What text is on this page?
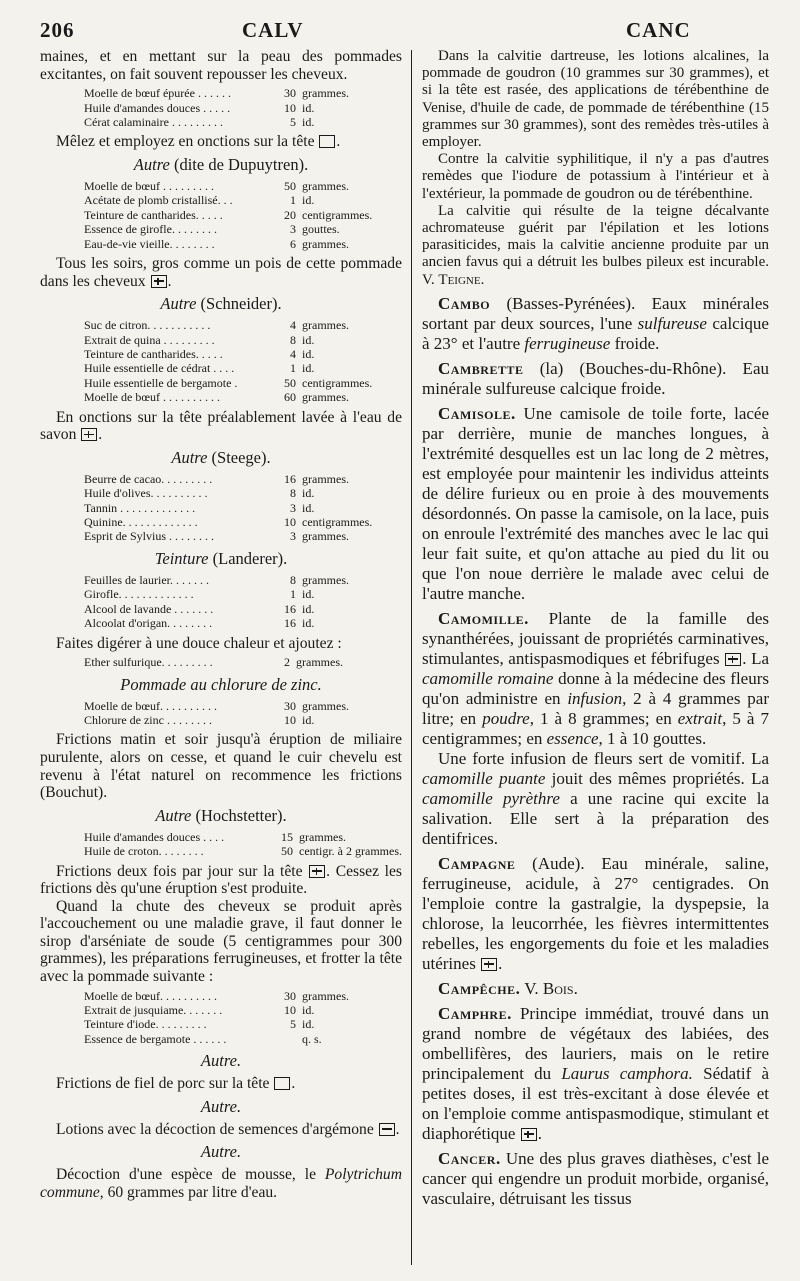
206	CALV	CANC

maines, et en mettant sur la peau des pommades excitantes, on fait souvent repousser les cheveux.

Moelle de bœuf épurée . . . . . .	30	grammes.
Huile d'amandes douces . . . . .	10	id.
Cérat calaminaire . . . . . . . . .	5	id.

Mêlez et employez en onctions sur la tête .

Autre (dite de Dupuytren).
Moelle de bœuf . . . . . . . . .	50	grammes.
Acétate de plomb cristallisé. . .	1	id.
Teinture de cantharides. . . . .	20	centigrammes.
Essence de girofle. . . . . . . .	3	gouttes.
Eau-de-vie vieille. . . . . . . .	6	grammes.

Tous les soirs, gros comme un pois de cette pommade dans les cheveux .

Autre (Schneider).
Suc de citron. . . . . . . . . . .	4	grammes.
Extrait de quina . . . . . . . . .	8	id.
Teinture de cantharides. . . . .	4	id.
Huile essentielle de cédrat . . . .	1	id.
Huile essentielle de bergamote .	50	centigrammes.
Moelle de bœuf . . . . . . . . . .	60	grammes.

En onctions sur la tête préalablement lavée à l'eau de savon .

Autre (Steege).
Beurre de cacao. . . . . . . . .	16	grammes.
Huile d'olives. . . . . . . . . .	8	id.
Tannin . . . . . . . . . . . . .	3	id.
Quinine. . . . . . . . . . . . .	10	centigrammes.
Esprit de Sylvius . . . . . . . .	3	grammes.
Teinture (Landerer).
Feuilles de laurier. . . . . . .	8	grammes.
Girofle. . . . . . . . . . . . .	1	id.
Alcool de lavande . . . . . . .	16	id.
Alcoolat d'origan. . . . . . . .	16	id.

Faites digérer à une douce chaleur et ajoutez :

Ether sulfurique. . . . . . . . .	2	grammes.
Pommade au chlorure de zinc.
Moelle de bœuf. . . . . . . . . .	30	grammes.
Chlorure de zinc . . . . . . . .	10	id.

Frictions matin et soir jusqu'à éruption de miliaire purulente, alors on cesse, et quand le cuir chevelu est revenu à l'état naturel on recommence les frictions (Bouchut).

Autre (Hochstetter).
Huile d'amandes douces . . . .	15	grammes.
Huile de croton. . . . . . . .	50	centigr. à 2 grammes.

Frictions deux fois par jour sur la tête . Cessez les frictions dès qu'une éruption s'est produite.

Quand la chute des cheveux se produit après l'accouchement ou une maladie grave, il faut donner le sirop d'arséniate de soude (5 centigrammes pour 300 grammes), les préparations ferrugineuses, et frotter la tête avec la pommade suivante :

Moelle de bœuf. . . . . . . . . .	30	grammes.
Extrait de jusquiame. . . . . . .	10	id.
Teinture d'iode. . . . . . . . .	5	id.
Essence de bergamote . . . . . .		q. s.
Autre.

Frictions de fiel de porc sur la tête .

Autre.

Lotions avec la décoction de semences d'argémone .

Autre.

Décoction d'une espèce de mousse, le Polytrichum commune, 60 grammes par litre d'eau.

Dans la calvitie dartreuse, les lotions alcalines, la pommade de goudron (10 grammes sur 30 grammes), et si la tête est rasée, des applications de térébenthine de Venise, d'huile de cade, de pommade de térébenthine (15 grammes sur 30 grammes), sont des remèdes très-utiles à employer.

Contre la calvitie syphilitique, il n'y a pas d'autres remèdes que l'iodure de potassium à l'intérieur et à l'extérieur, la pommade de goudron ou de térébenthine.

La calvitie qui résulte de la teigne décalvante achromateuse guérit par l'épilation et les lotions parasiticides, mais la calvitie ancienne produite par un ancien favus qui a détruit les bulbes pileux est incurable. V. Teigne.

Cambo (Basses-Pyrénées). Eaux minérales sortant par deux sources, l'une sulfureuse calcique à 23° et l'autre ferrugineuse froide.

Cambrette (la) (Bouches-du-Rhône). Eau minérale sulfureuse calcique froide.

Camisole. Une camisole de toile forte, lacée par derrière, munie de manches longues, à l'extrémité desquelles est un lac long de 2 mètres, est employée pour maintenir les individus atteints de délire furieux ou en proie à des mouvements désordonnés. On passe la camisole, on la lace, puis on enroule l'extrémité des manches avec le lac qui leur fait suite, et qu'on attache au pied du lit ou que l'on noue derrière le malade avec celui de l'autre manche.

Camomille. Plante de la famille des synanthérées, jouissant de propriétés carminatives, stimulantes, antispasmodiques et fébrifuges . La camomille romaine donne à la médecine des fleurs qu'on administre en infusion, 2 à 4 grammes par litre; en poudre, 1 à 8 grammes; en extrait, 5 à 7 centigrammes; en essence, 1 à 10 gouttes.

Une forte infusion de fleurs sert de vomitif. La camomille puante jouit des mêmes propriétés. La camomille pyrèthre a une racine qui excite la salivation. Elle sert à la préparation des dentifrices.

Campagne (Aude). Eau minérale, saline, ferrugineuse, acidule, à 27° centigrades. On l'emploie contre la gastralgie, la dyspepsie, la chlorose, la leucorrhée, les fièvres intermittentes rebelles, les engorgements du foie et les maladies utérines .

Campêche. V. Bois.

Camphre. Principe immédiat, trouvé dans un grand nombre de végétaux des labiées, des ombellifères, des lauriers, mais on le retire principalement du Laurus camphora. Sédatif à petites doses, il est très-excitant à dose élevée et on l'emploie comme antispasmodique, stimulant et diaphorétique .

Cancer. Une des plus graves diathèses, c'est le cancer qui engendre un produit morbide, organisé, vasculaire, détruisant les tissus
